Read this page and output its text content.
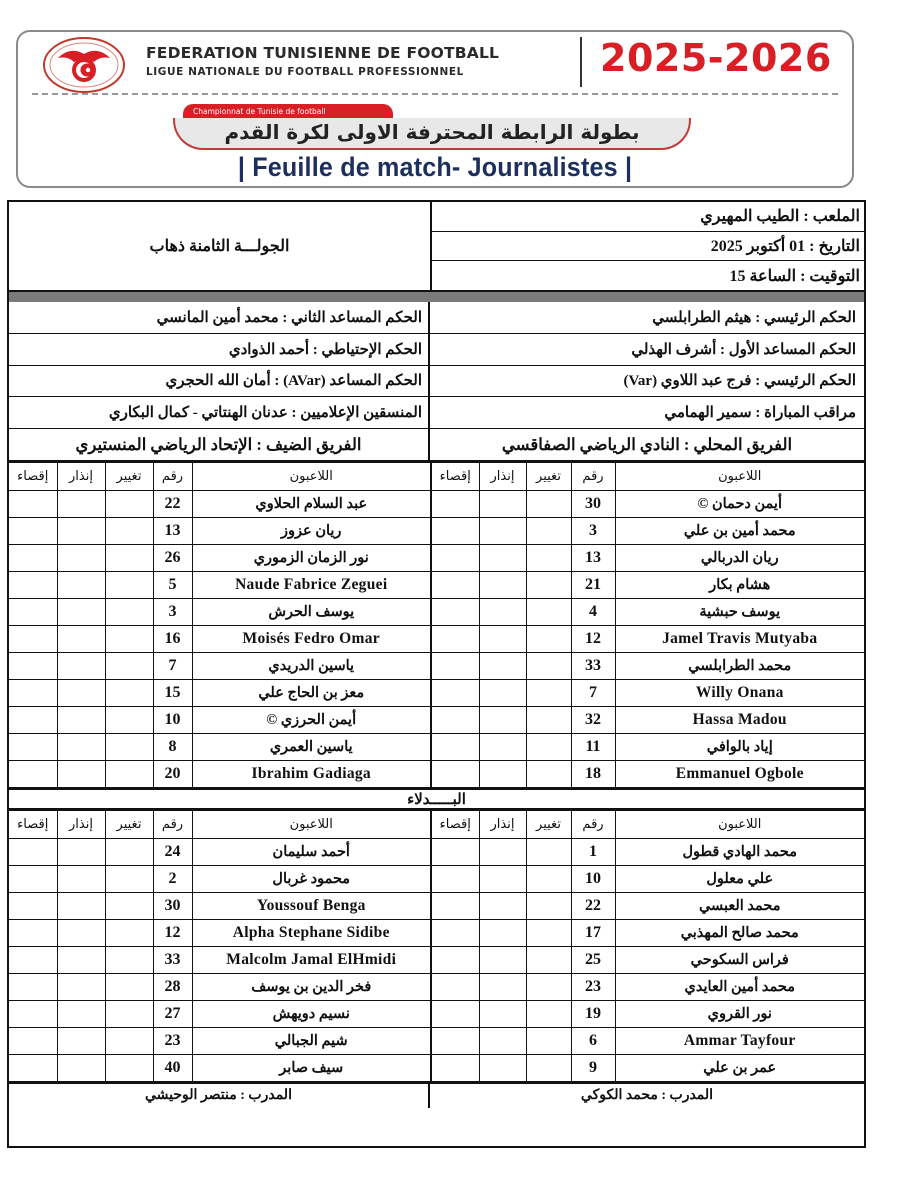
FEDERATION TUNISIENNE DE FOOTBALL
LIGUE NATIONALE DU FOOTBALL PROFESSIONNEL	2025-2026
Championnat de Tunisie de football
بطولة الرابطة المحترفة الاولى لكرة القدم
| Feuille de match- Journalistes |
الجولـــة الثامنة ذهاب
الملعب : الطيب المهيري
التاريخ : 01 أكتوبر 2025
التوقيت : الساعة 15
الحكم المساعد الثاني : محمد أمين المانسي	الحكم الرئيسي : هيثم الطرابلسي
الحكم الإحتياطي : أحمد الذوادي	الحكم المساعد الأول : أشرف الهذلي
الحكم المساعد (AVar) : أمان الله الحجري	الحكم الرئيسي : فرج عبد اللاوي (Var)
المنسقين الإعلاميين : عدنان الهنتاتي - كمال البكاري	مراقب المباراة : سمير الهمامي
الفريق الضيف : الإتحاد الرياضي المنستيري	الفريق المحلي : النادي الرياضي الصفاقسي
إقصاء	إنذار	تغيير	رقم	اللاعبون
			22	عبد السلام الحلاوي
			13	ريان عزوز
			26	نور الزمان الزموري
			5	Naude Fabrice Zeguei
			3	يوسف الحرش
			16	Moisés Fedro Omar
			7	ياسين الدريدي
			15	معز بن الحاج علي
			10	أيمن الحرزي ©
			8	ياسين العمري
			20	Ibrahim Gadiaga
إقصاء	إنذار	تغيير	رقم	اللاعبون
			30	أيمن دحمان ©
			3	محمد أمين بن علي
			13	ريان الدربالي
			21	هشام بكار
			4	يوسف حبشية
			12	Jamel Travis Mutyaba
			33	محمد الطرابلسي
			7	Willy Onana
			32	Hassa Madou
			11	إياد بالوافي
			18	Emmanuel Ogbole
البـــــدلاء
إقصاء	إنذار	تغيير	رقم	اللاعبون
			24	أحمد سليمان
			2	محمود غربال
			30	Youssouf Benga
			12	Alpha Stephane Sidibe
			33	Malcolm Jamal ElHmidi
			28	فخر الدين بن يوسف
			27	نسيم دويهش
			23	شيم الجبالي
			40	سيف صابر
إقصاء	إنذار	تغيير	رقم	اللاعبون
			1	محمد الهادي قطول
			10	علي معلول
			22	محمد العبسي
			17	محمد صالح المهذبي
			25	فراس السكوحي
			23	محمد أمين العايدي
			19	نور القروي
			6	Ammar Tayfour
			9	عمر بن علي
المدرب : منتصر الوحيشي	المدرب : محمد الكوكي
